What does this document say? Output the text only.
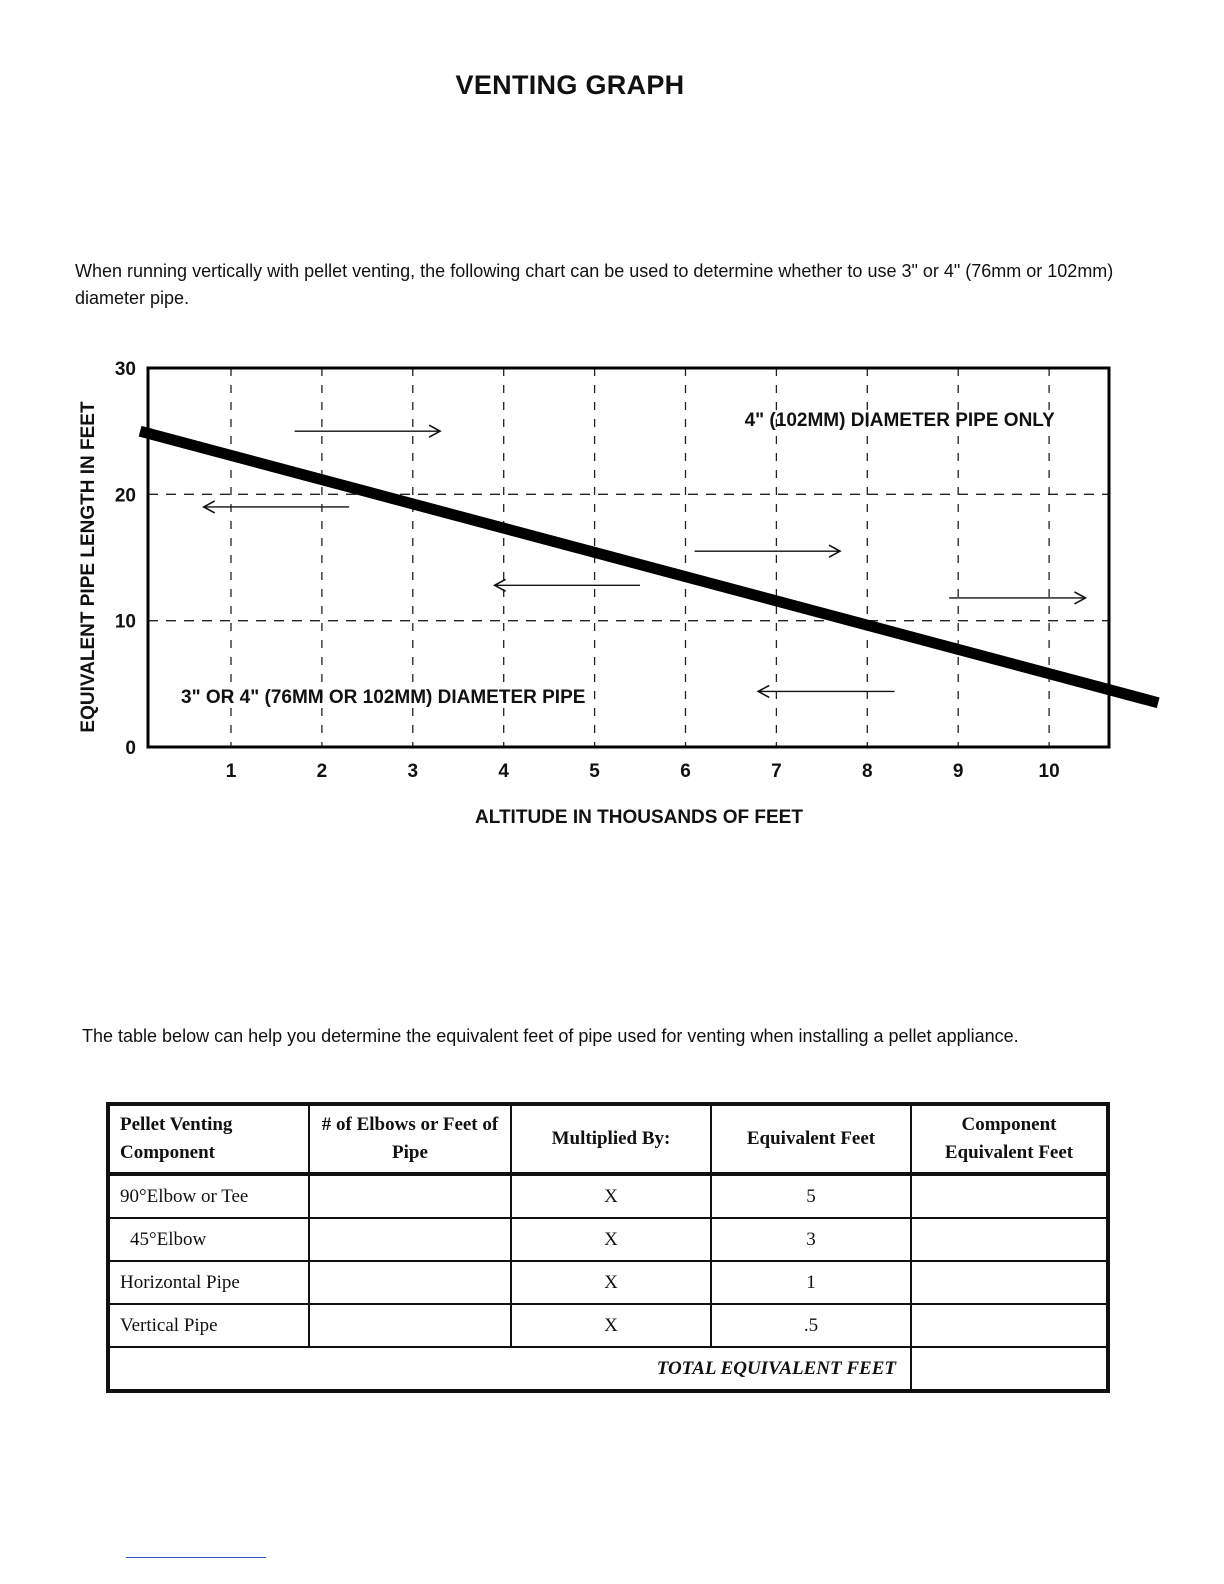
VENTING GRAPH
When running vertically with pellet venting, the following chart can be used to determine whether to use 3" or 4" (76mm or 102mm) diameter pipe.
1	2	3	4	5	6	7	8	9	10
0
10
20
30
ALTITUDE IN THOUSANDS OF FEET
EQUIVALENT PIPE LENGTH IN FEET	4" (102MM) DIAMETER PIPE ONLY
3" OR 4" (76MM OR 102MM) DIAMETER PIPE
The table below can help you determine the equivalent feet of pipe used for venting when installing a pellet appliance.
Pellet Venting Component	# of Elbows or Feet of Pipe	Multiplied By:	Equivalent Feet	Component Equivalent Feet
90°Elbow or Tee		X	5	
45°Elbow		X	3	
Horizontal Pipe		X	1	
Vertical Pipe		X	.5	
TOTAL EQUIVALENT FEET				
